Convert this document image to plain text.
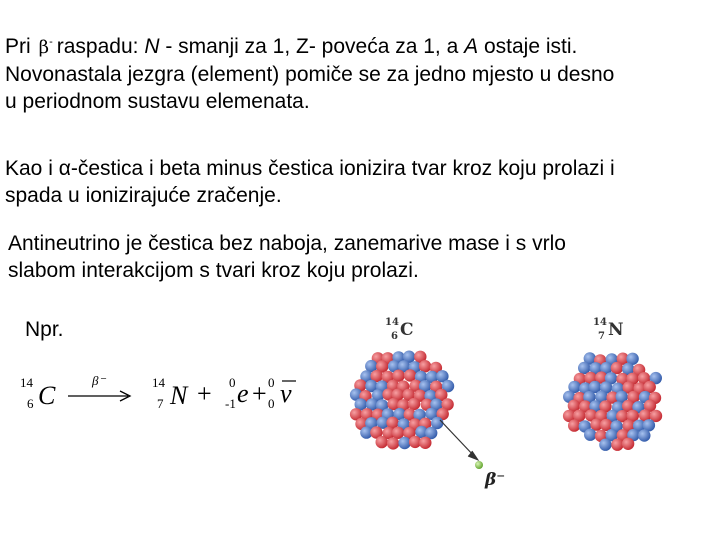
Pri β- raspadu: N - smanji za 1, Z- poveća za 1, a A ostaje isti.
Novonastala jezgra (element) pomiče se za jedno mjesto u desno
u periodnom sustavu elemenata.

Kao i α-čestica i beta minus čestica ionizira tvar kroz koju prolazi i
spada u ionizirajuće zračenje.

Antineutrino je čestica bez naboja, zanemarive mase i s vrlo
slabom interakcijom s tvari kroz koju prolazi.

Npr.

14
6 C
β⁻	14
7 N + 0
-1 e + 0
0 ν
14
6 C	14
7 N
β⁻
